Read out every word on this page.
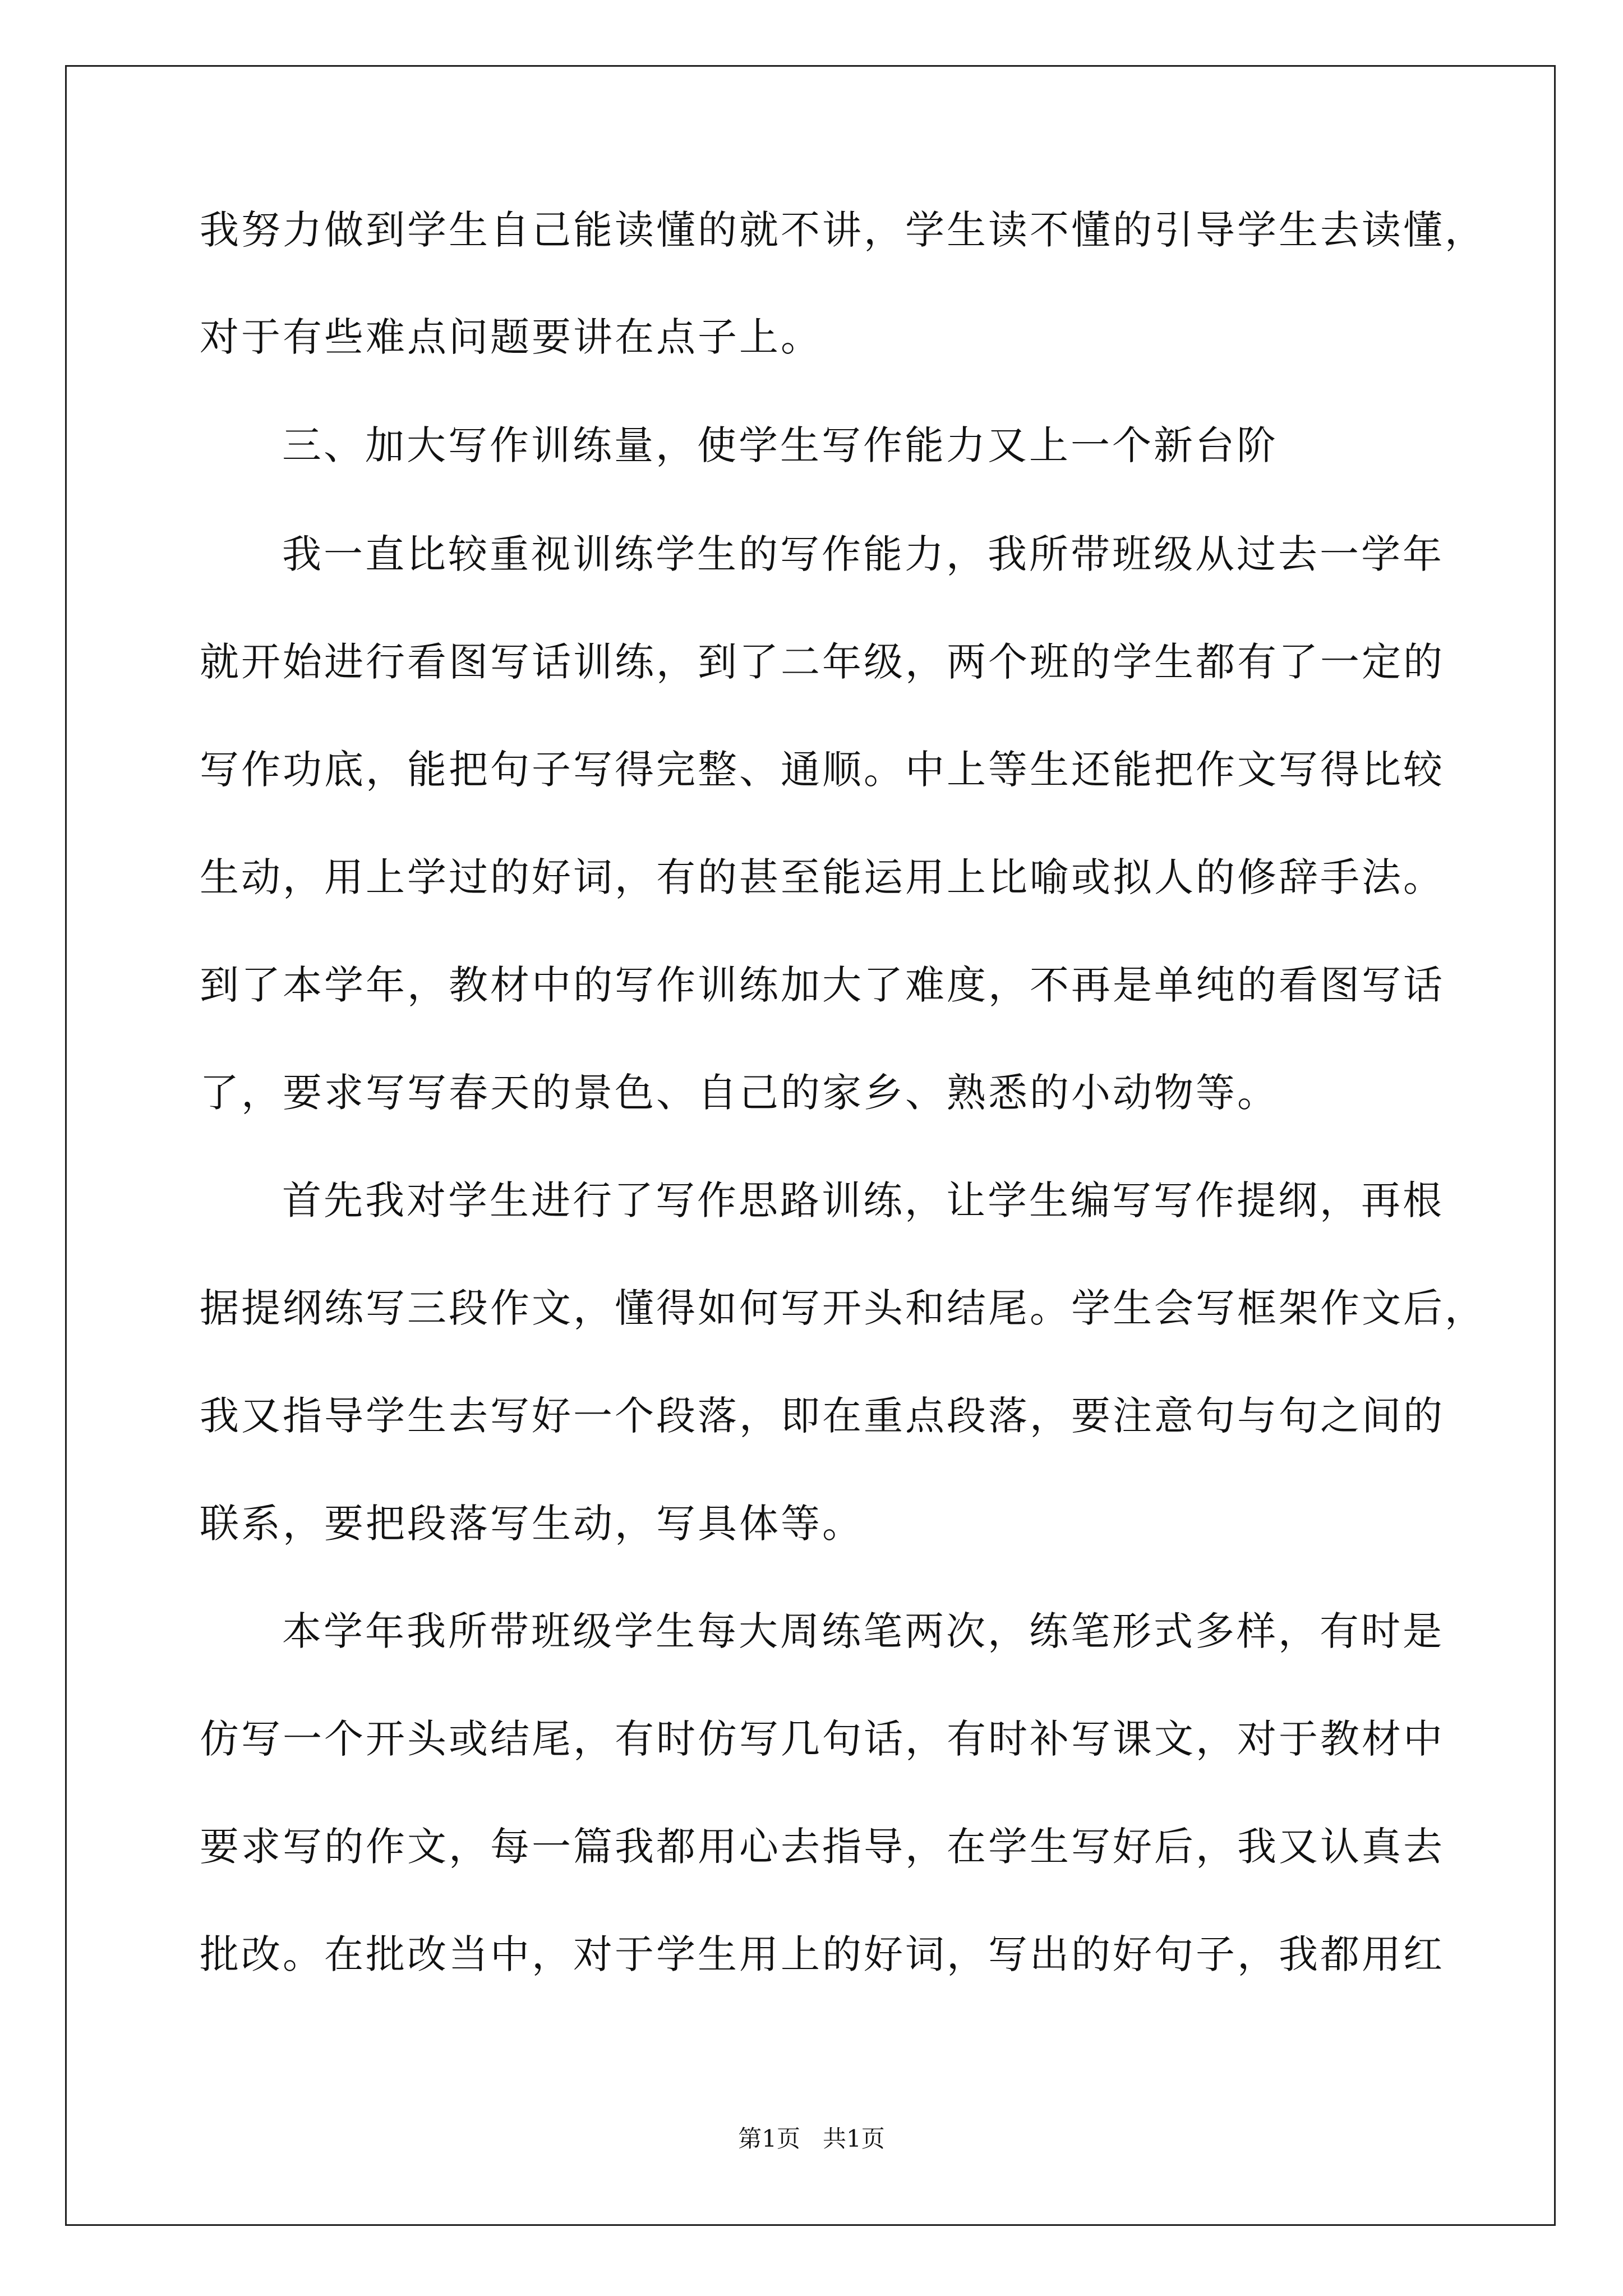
我努力做到学生自己能读懂的就不讲，学生读不懂的引导学生去读懂，
对于有些难点问题要讲在点子上。
三、加大写作训练量，使学生写作能力又上一个新台阶
我一直比较重视训练学生的写作能力，我所带班级从过去一学年
就开始进行看图写话训练，到了二年级，两个班的学生都有了一定的
写作功底，能把句子写得完整、通顺。中上等生还能把作文写得比较
生动，用上学过的好词，有的甚至能运用上比喻或拟人的修辞手法。
到了本学年，教材中的写作训练加大了难度，不再是单纯的看图写话
了，要求写写春天的景色、自己的家乡、熟悉的小动物等。
首先我对学生进行了写作思路训练，让学生编写写作提纲，再根
据提纲练写三段作文，懂得如何写开头和结尾。学生会写框架作文后，
我又指导学生去写好一个段落，即在重点段落，要注意句与句之间的
联系，要把段落写生动，写具体等。
本学年我所带班级学生每大周练笔两次，练笔形式多样，有时是
仿写一个开头或结尾，有时仿写几句话，有时补写课文，对于教材中
要求写的作文，每一篇我都用心去指导，在学生写好后，我又认真去
批改。在批改当中，对于学生用上的好词，写出的好句子，我都用红
第1页   共1页
